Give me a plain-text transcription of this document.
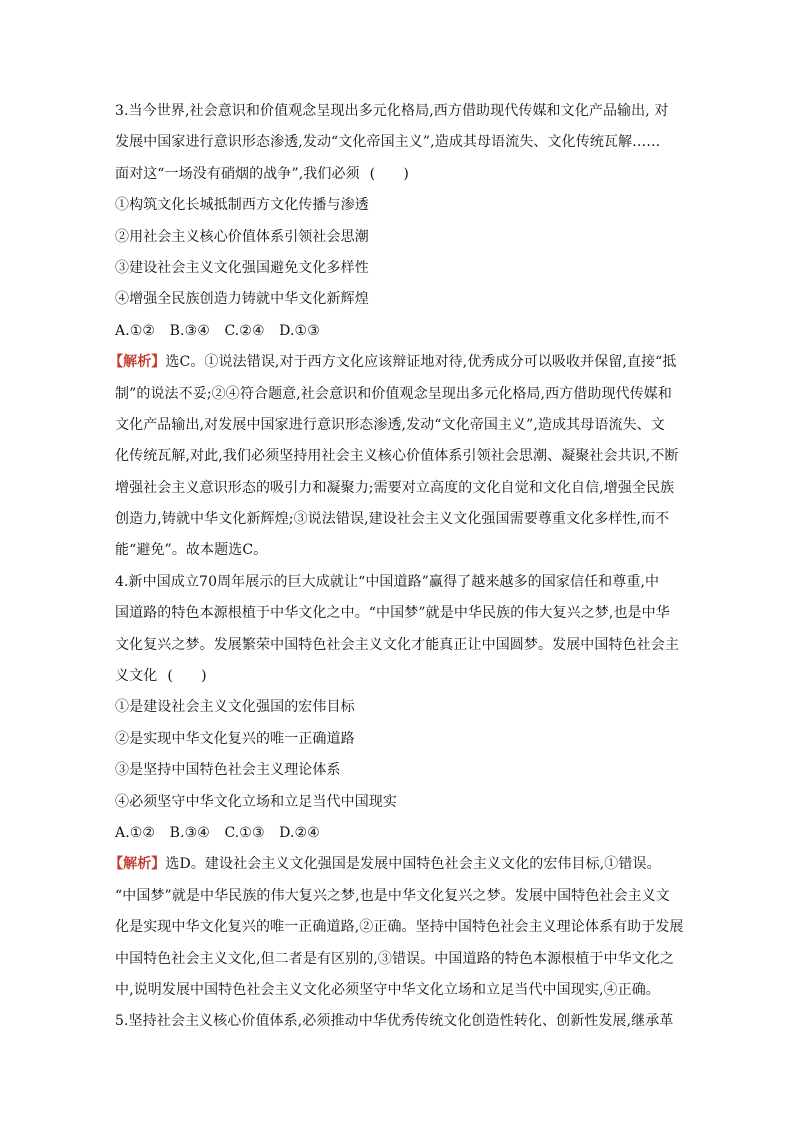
3.当今世界,社会意识和价值观念呈现出多元化格局,西方借助现代传媒和文化产品输出, 对
发展中国家进行意识形态渗透,发动“文化帝国主义”,造成其母语流失、文化传统瓦解……
面对这“一场没有硝烟的战争”,我们必须 (　　)
①构筑文化长城抵制西方文化传播与渗透
②用社会主义核心价值体系引领社会思潮
③建设社会主义文化强国避免文化多样性
④增强全民族创造力铸就中华文化新辉煌
A.①② B.③④ C.②④ D.①③
【解析】选C。①说法错误,对于西方文化应该辩证地对待,优秀成分可以吸收并保留,直接“抵
制”的说法不妥;②④符合题意,社会意识和价值观念呈现出多元化格局,西方借助现代传媒和
文化产品输出,对发展中国家进行意识形态渗透,发动“文化帝国主义”,造成其母语流失、文
化传统瓦解,对此,我们必须坚持用社会主义核心价值体系引领社会思潮、凝聚社会共识,不断
增强社会主义意识形态的吸引力和凝聚力;需要对立高度的文化自觉和文化自信,增强全民族
创造力,铸就中华文化新辉煌;③说法错误,建设社会主义文化强国需要尊重文化多样性,而不
能“避免”。故本题选C。
4.新中国成立70周年展示的巨大成就让“中国道路”赢得了越来越多的国家信任和尊重,中
国道路的特色本源根植于中华文化之中。“中国梦”就是中华民族的伟大复兴之梦,也是中华
文化复兴之梦。发展繁荣中国特色社会主义文化才能真正让中国圆梦。发展中国特色社会主
义文化 (　　)
①是建设社会主义文化强国的宏伟目标
②是实现中华文化复兴的唯一正确道路
③是坚持中国特色社会主义理论体系
④必须坚守中华文化立场和立足当代中国现实
A.①② B.③④ C.①③ D.②④
【解析】选D。建设社会主义文化强国是发展中国特色社会主义文化的宏伟目标,①错误。
“中国梦”就是中华民族的伟大复兴之梦,也是中华文化复兴之梦。发展中国特色社会主义文
化是实现中华文化复兴的唯一正确道路,②正确。坚持中国特色社会主义理论体系有助于发展
中国特色社会主义文化,但二者是有区别的,③错误。中国道路的特色本源根植于中华文化之
中,说明发展中国特色社会主义文化必须坚守中华文化立场和立足当代中国现实,④正确。
5.坚持社会主义核心价值体系,必须推动中华优秀传统文化创造性转化、创新性发展,继承革
